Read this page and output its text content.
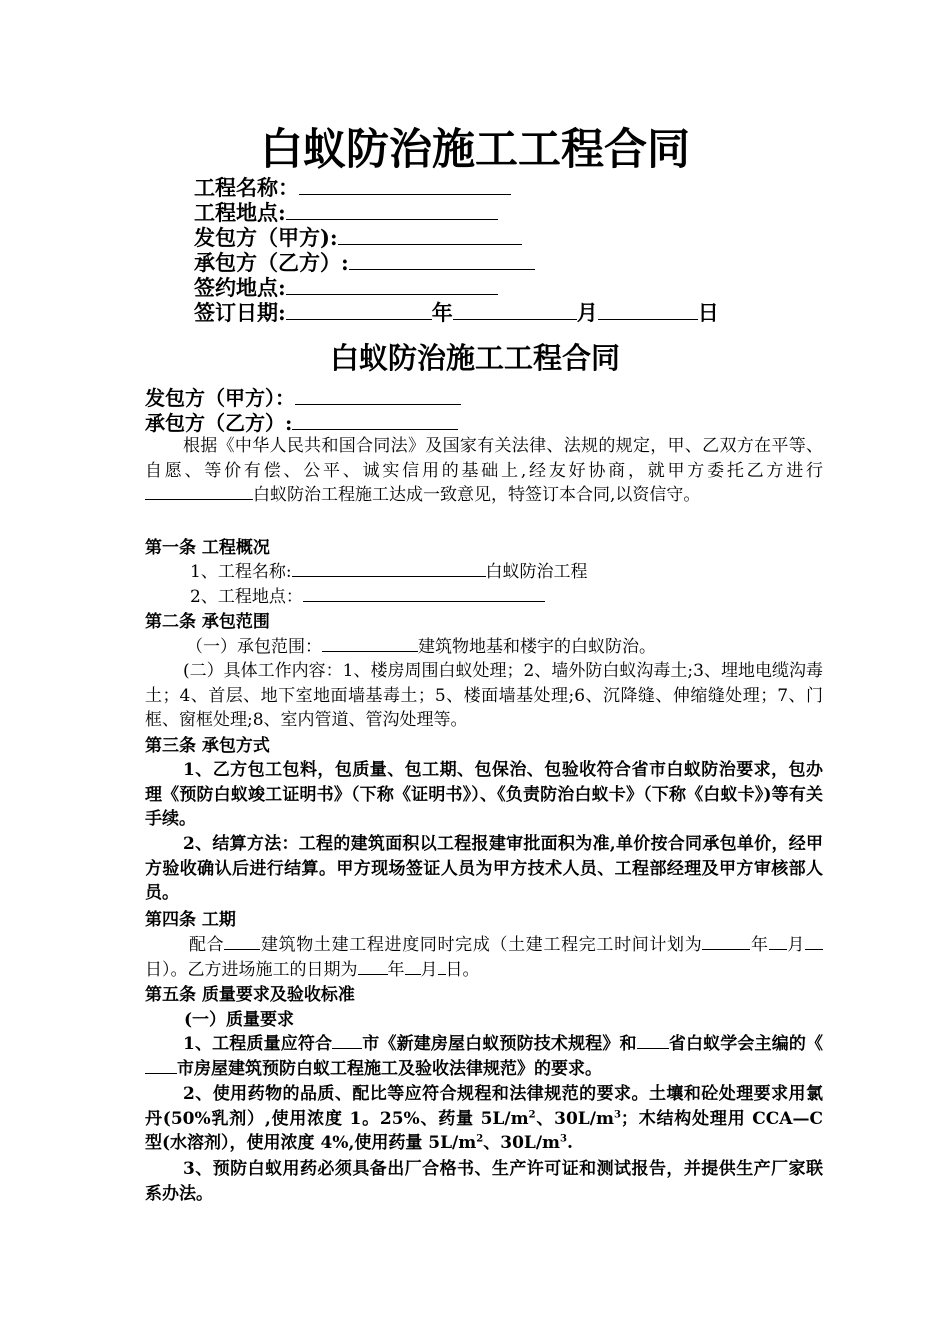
白蚁防治施工工程合同
工程名称：
工程地点:
发包方（甲方):
承包方（乙方）:
签约地点:
签订日期:	年	月	日
白蚁防治施工工程合同
发包方（甲方）：
承包方（乙方）:
根据《中华人民共和国合同法》及国家有关法律、法规的规定，甲、乙双方在平等、自愿、等价有偿、公平、诚实信用的基础上,经友好协商，就甲方委托乙方进行白蚁防治工程施工达成一致意见，特签订本合同,以资信守。
第一条 工程概况
1、工程名称:	白蚁防治工程
2、工程地点：
第二条 承包范围
（一）承包范围：	建筑物地基和楼宇的白蚁防治。
(二）具体工作内容：1、楼房周围白蚁处理；2、墙外防白蚁沟毒土;3、埋地电缆沟毒土；4、首层、地下室地面墙基毒土；5、楼面墙基处理;6、沉降缝、伸缩缝处理；7、门框、窗框处理;8、室内管道、管沟处理等。
第三条 承包方式
1、乙方包工包料，包质量、包工期、包保治、包验收符合省市白蚁防治要求，包办理《预防白蚁竣工证明书》（下称《证明书》）、《负责防治白蚁卡》（下称《白蚁卡》)等有关手续。
2、结算方法：工程的建筑面积以工程报建审批面积为准,单价按合同承包单价，经甲方验收确认后进行结算。甲方现场签证人员为甲方技术人员、工程部经理及甲方审核部人员。
第四条 工期
配合 建筑物土建工程进度同时完成（土建工程完工时间计划为	年 月日）。乙方进场施工的日期为 年 月 日。
第五条 质量要求及验收标准
(一）质量要求
1、工程质量应符合 市《新建房屋白蚁预防技术规程》和 省白蚁学会主编的《市房屋建筑预防白蚁工程施工及验收法律规范》的要求。
2、使用药物的品质、配比等应符合规程和法律规范的要求。土壤和砼处理要求用氯丹(50%乳剂）,使用浓度 1。25%、药量 $5L/m^2$、$30L/m^3$；木结构处理用 CCA—C 型(水溶剂），使用浓度 4%,使用药量 $5L/m^2$、$30L/m^3$.
3、预防白蚁用药必须具备出厂合格书、生产许可证和测试报告，并提供生产厂家联系办法。
